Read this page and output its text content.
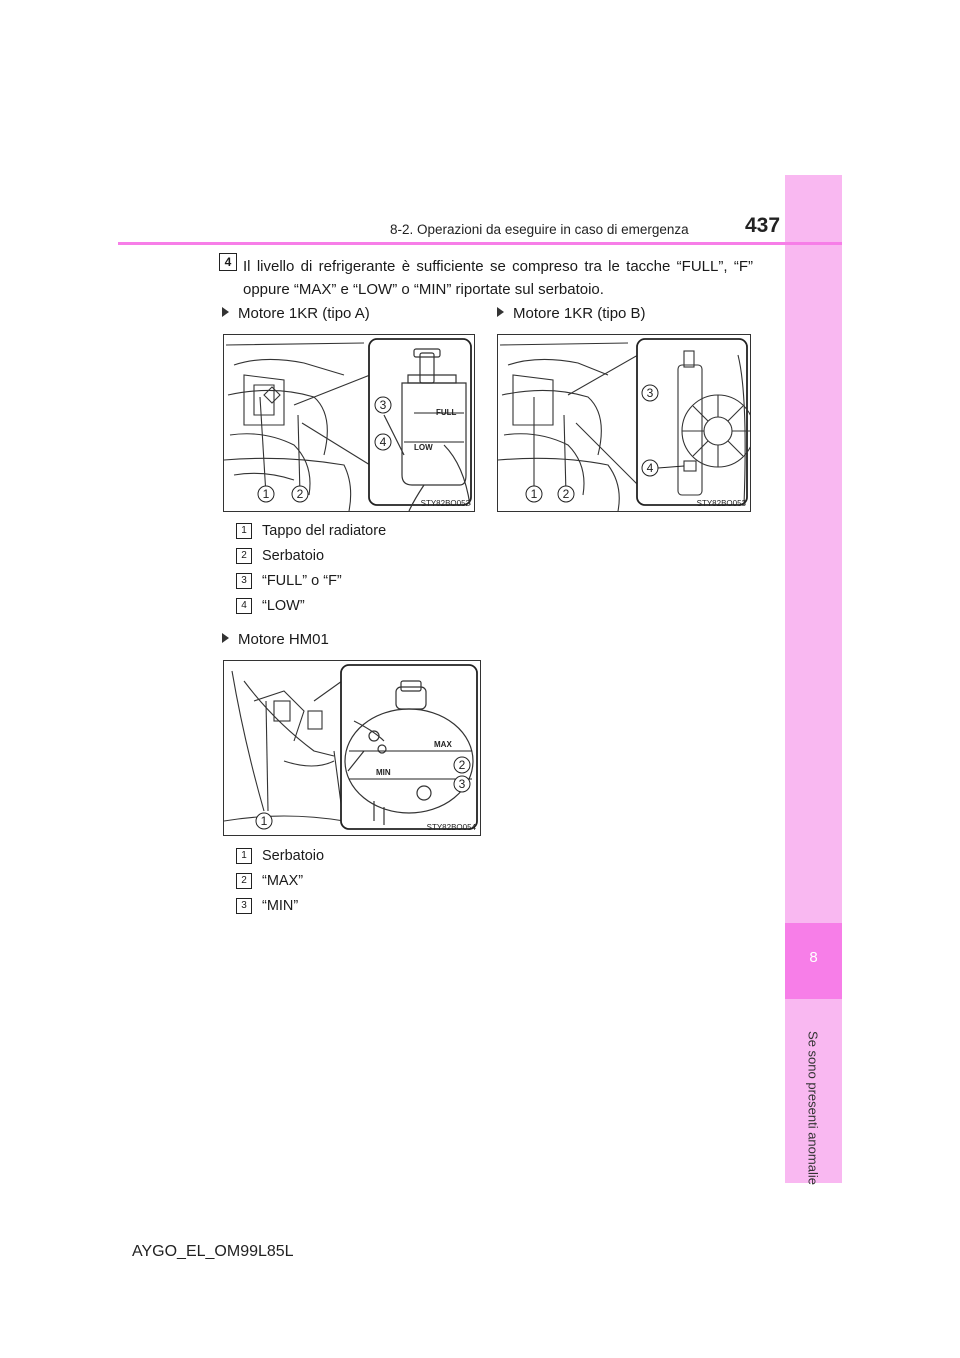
8
Se sono presenti anomalie
8-2. Operazioni da eseguire in caso di emergenza	437
4 Il livello di refrigerante è sufficiente se compreso tra le tacche “FULL”, “F” oppure “MAX” e “LOW” o “MIN” riportate sul serbatoio.
Motore 1KR (tipo A)	Motore 1KR (tipo B)
FULL
LOW
3
4
1 2
STY82BO052
3
4
1 2
STY82BO053
1 Tappo del radiatore
2 Serbatoio
3 “FULL” o “F”
4 “LOW”
Motore HM01
MAX
MIN
2
3
1	STY82BO054
1 Serbatoio
2 “MAX”
3 “MIN”
AYGO_EL_OM99L85L
